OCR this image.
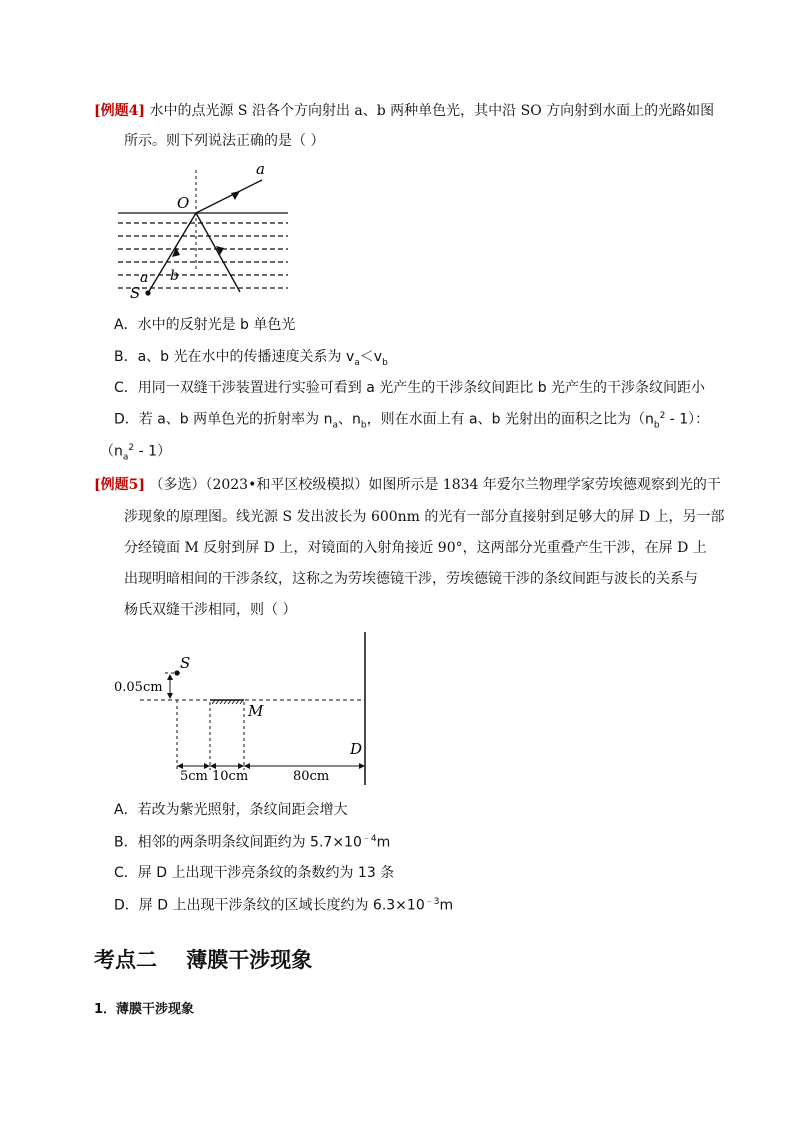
[例题4] 水中的点光源 S 沿各个方向射出 a、b 两种单色光，其中沿 SO 方向射到水面上的光路如图
所示。则下列说法正确的是（ ）
O
a
S
a b
A．水中的反射光是 b 单色光
B．a、b 光在水中的传播速度关系为 $v_a<v_b$
C．用同一双缝干涉装置进行实验可看到 a 光产生的干涉条纹间距比 b 光产生的干涉条纹间距小
D．若 a、b 两单色光的折射率为 $n_a$、$n_b$，则在水面上有 a、b 光射出的面积之比为$(n_b^2 - 1)$：
$(n_a^2 - 1)$
[例题5] （多选）（2023•和平区校级模拟）如图所示是 1834 年爱尔兰物理学家劳埃德观察到光的干
涉现象的原理图。线光源 S 发出波长为 600nm 的光有一部分直接射到足够大的屏 D 上，另一部
分经镜面 M 反射到屏 D 上，对镜面的入射角接近 90°，这两部分光重叠产生干涉，在屏 D 上
出现明暗相间的干涉条纹，这称之为劳埃德镜干涉，劳埃德镜干涉的条纹间距与波长的关系与
杨氏双缝干涉相同，则（ ）
S
0.05cm
M
D
5cm 10cm	80cm
A．若改为紫光照射，条纹间距会增大
B．相邻的两条明条纹间距约为 $5.7\times 10^{﹣4}m$
C．屏 D 上出现干涉亮条纹的条数约为 13 条
D．屏 D 上出现干涉条纹的区域长度约为 $6.3\times 10^{﹣3}m$
考点二    薄膜干涉现象
1．薄膜干涉现象
